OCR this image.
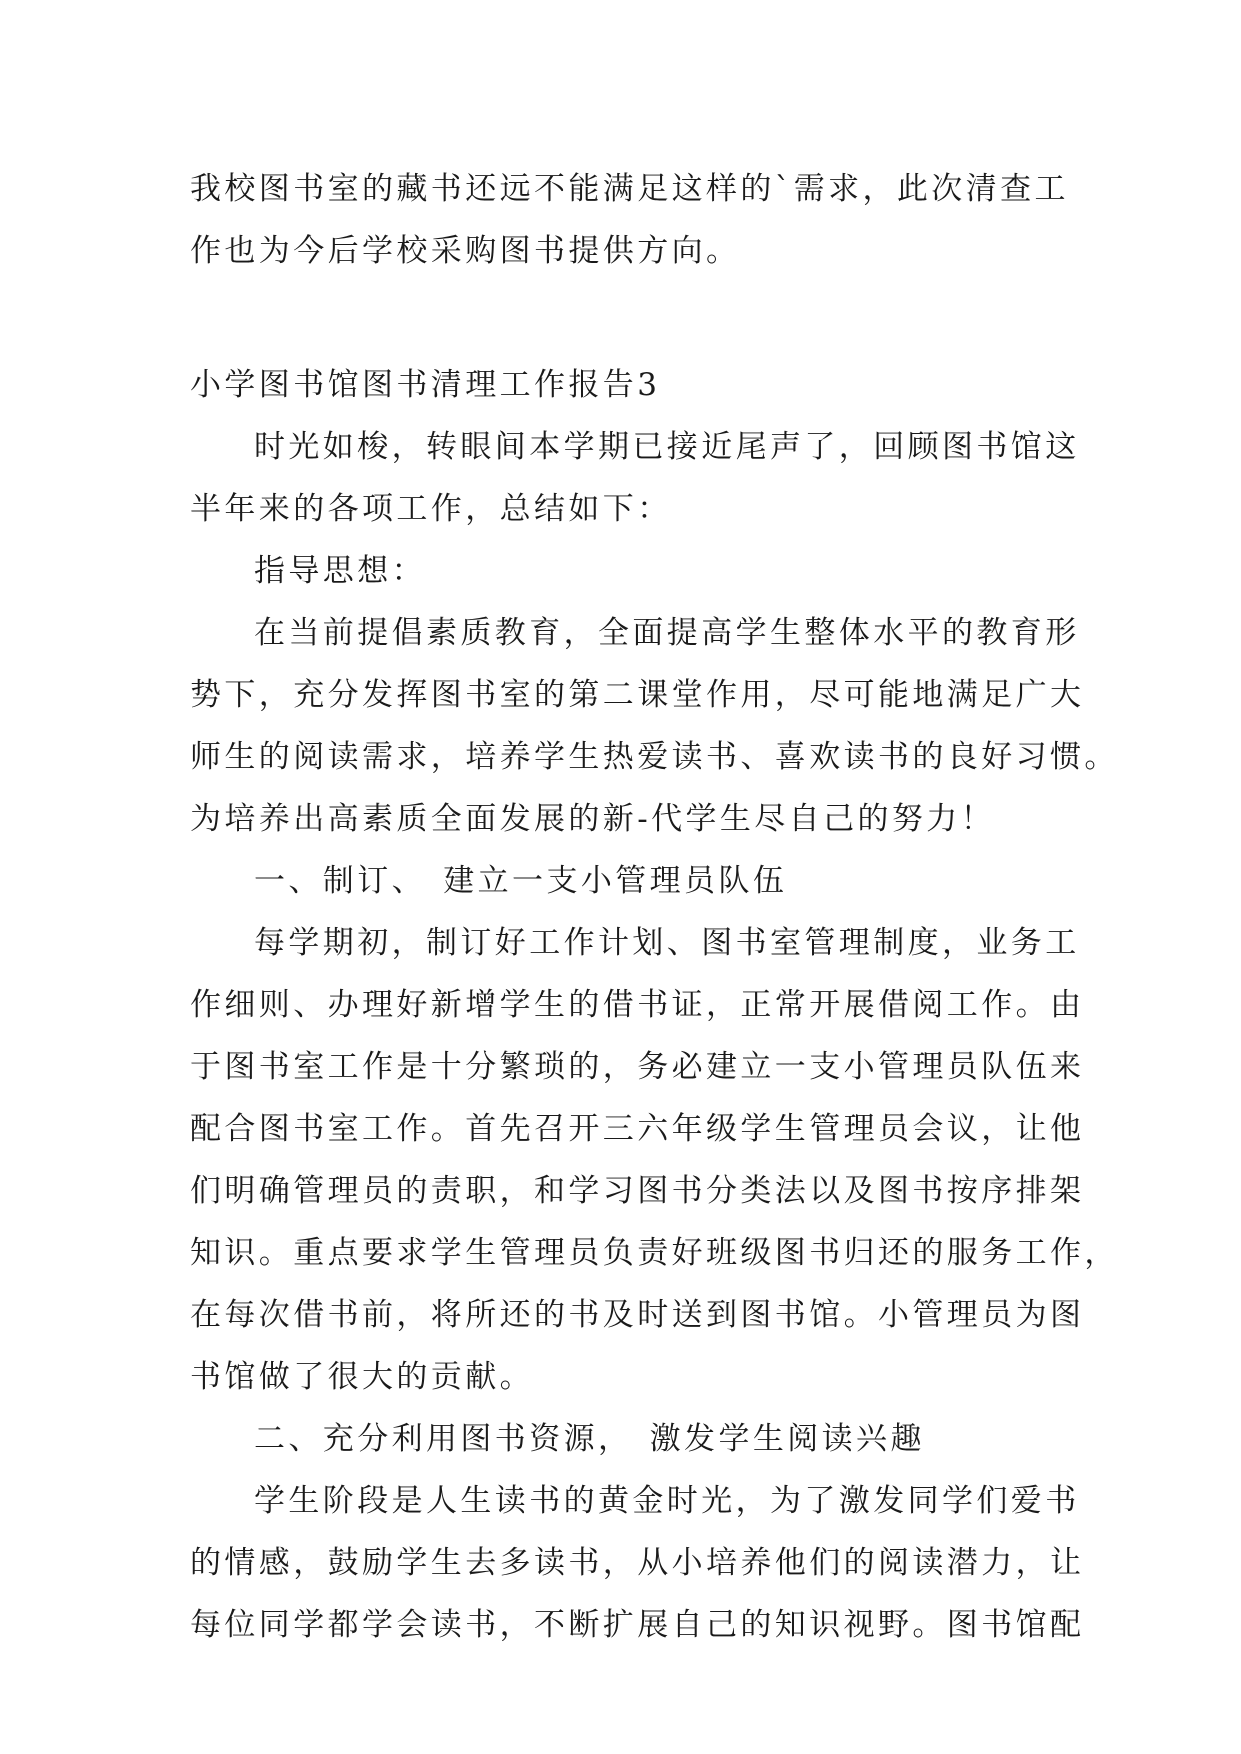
我校图书室的藏书还远不能满足这样的`需求，此次清查工
作也为今后学校采购图书提供方向。
小学图书馆图书清理工作报告3
时光如梭，转眼间本学期已接近尾声了，回顾图书馆这
半年来的各项工作，总结如下：
指导思想：
在当前提倡素质教育，全面提高学生整体水平的教育形
势下，充分发挥图书室的第二课堂作用，尽可能地满足广大
师生的阅读需求，培养学生热爱读书、喜欢读书的良好习惯。
为培养出高素质全面发展的新-代学生尽自己的努力！
一、制订、 建立一支小管理员队伍
每学期初，制订好工作计划、图书室管理制度，业务工
作细则、办理好新增学生的借书证，正常开展借阅工作。由
于图书室工作是十分繁琐的，务必建立一支小管理员队伍来
配合图书室工作。首先召开三六年级学生管理员会议，让他
们明确管理员的责职，和学习图书分类法以及图书按序排架
知识。重点要求学生管理员负责好班级图书归还的服务工作，
在每次借书前，将所还的书及时送到图书馆。小管理员为图
书馆做了很大的贡献。
二、充分利用图书资源， 激发学生阅读兴趣
学生阶段是人生读书的黄金时光，为了激发同学们爱书
的情感，鼓励学生去多读书，从小培养他们的阅读潜力，让
每位同学都学会读书，不断扩展自己的知识视野。图书馆配
